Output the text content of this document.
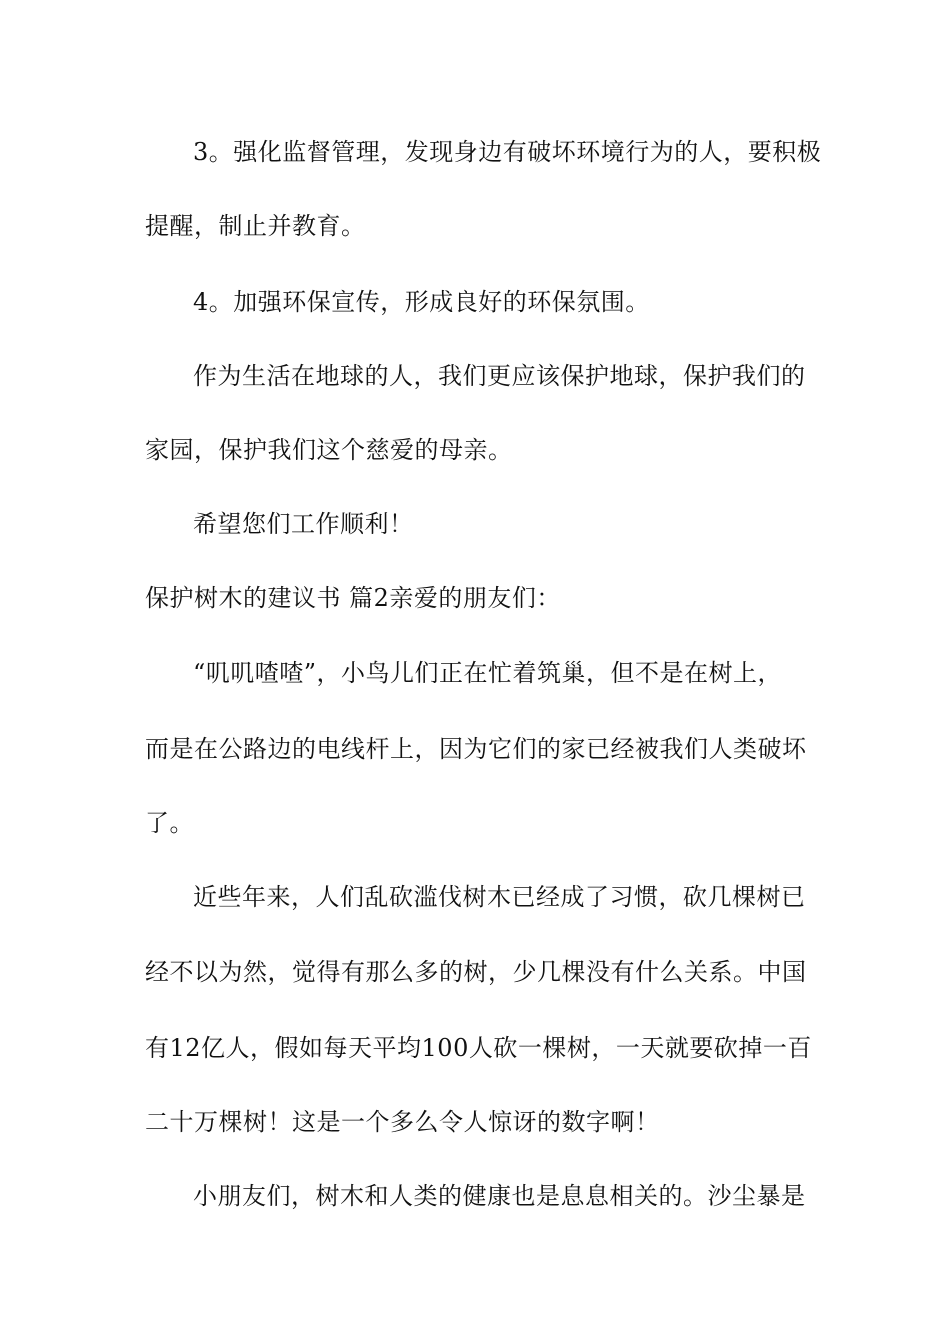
3。强化监督管理，发现身边有破坏环境行为的人，要积极
提醒，制止并教育。
4。加强环保宣传，形成良好的环保氛围。
作为生活在地球的人，我们更应该保护地球，保护我们的
家园，保护我们这个慈爱的母亲。
希望您们工作顺利！
保护树木的建议书 篇2亲爱的朋友们：
“叽叽喳喳”，小鸟儿们正在忙着筑巢，但不是在树上，
而是在公路边的电线杆上，因为它们的家已经被我们人类破坏
了。
近些年来，人们乱砍滥伐树木已经成了习惯，砍几棵树已
经不以为然，觉得有那么多的树，少几棵没有什么关系。中国
有12亿人，假如每天平均100人砍一棵树，一天就要砍掉一百
二十万棵树！这是一个多么令人惊讶的数字啊！
小朋友们，树木和人类的健康也是息息相关的。沙尘暴是
